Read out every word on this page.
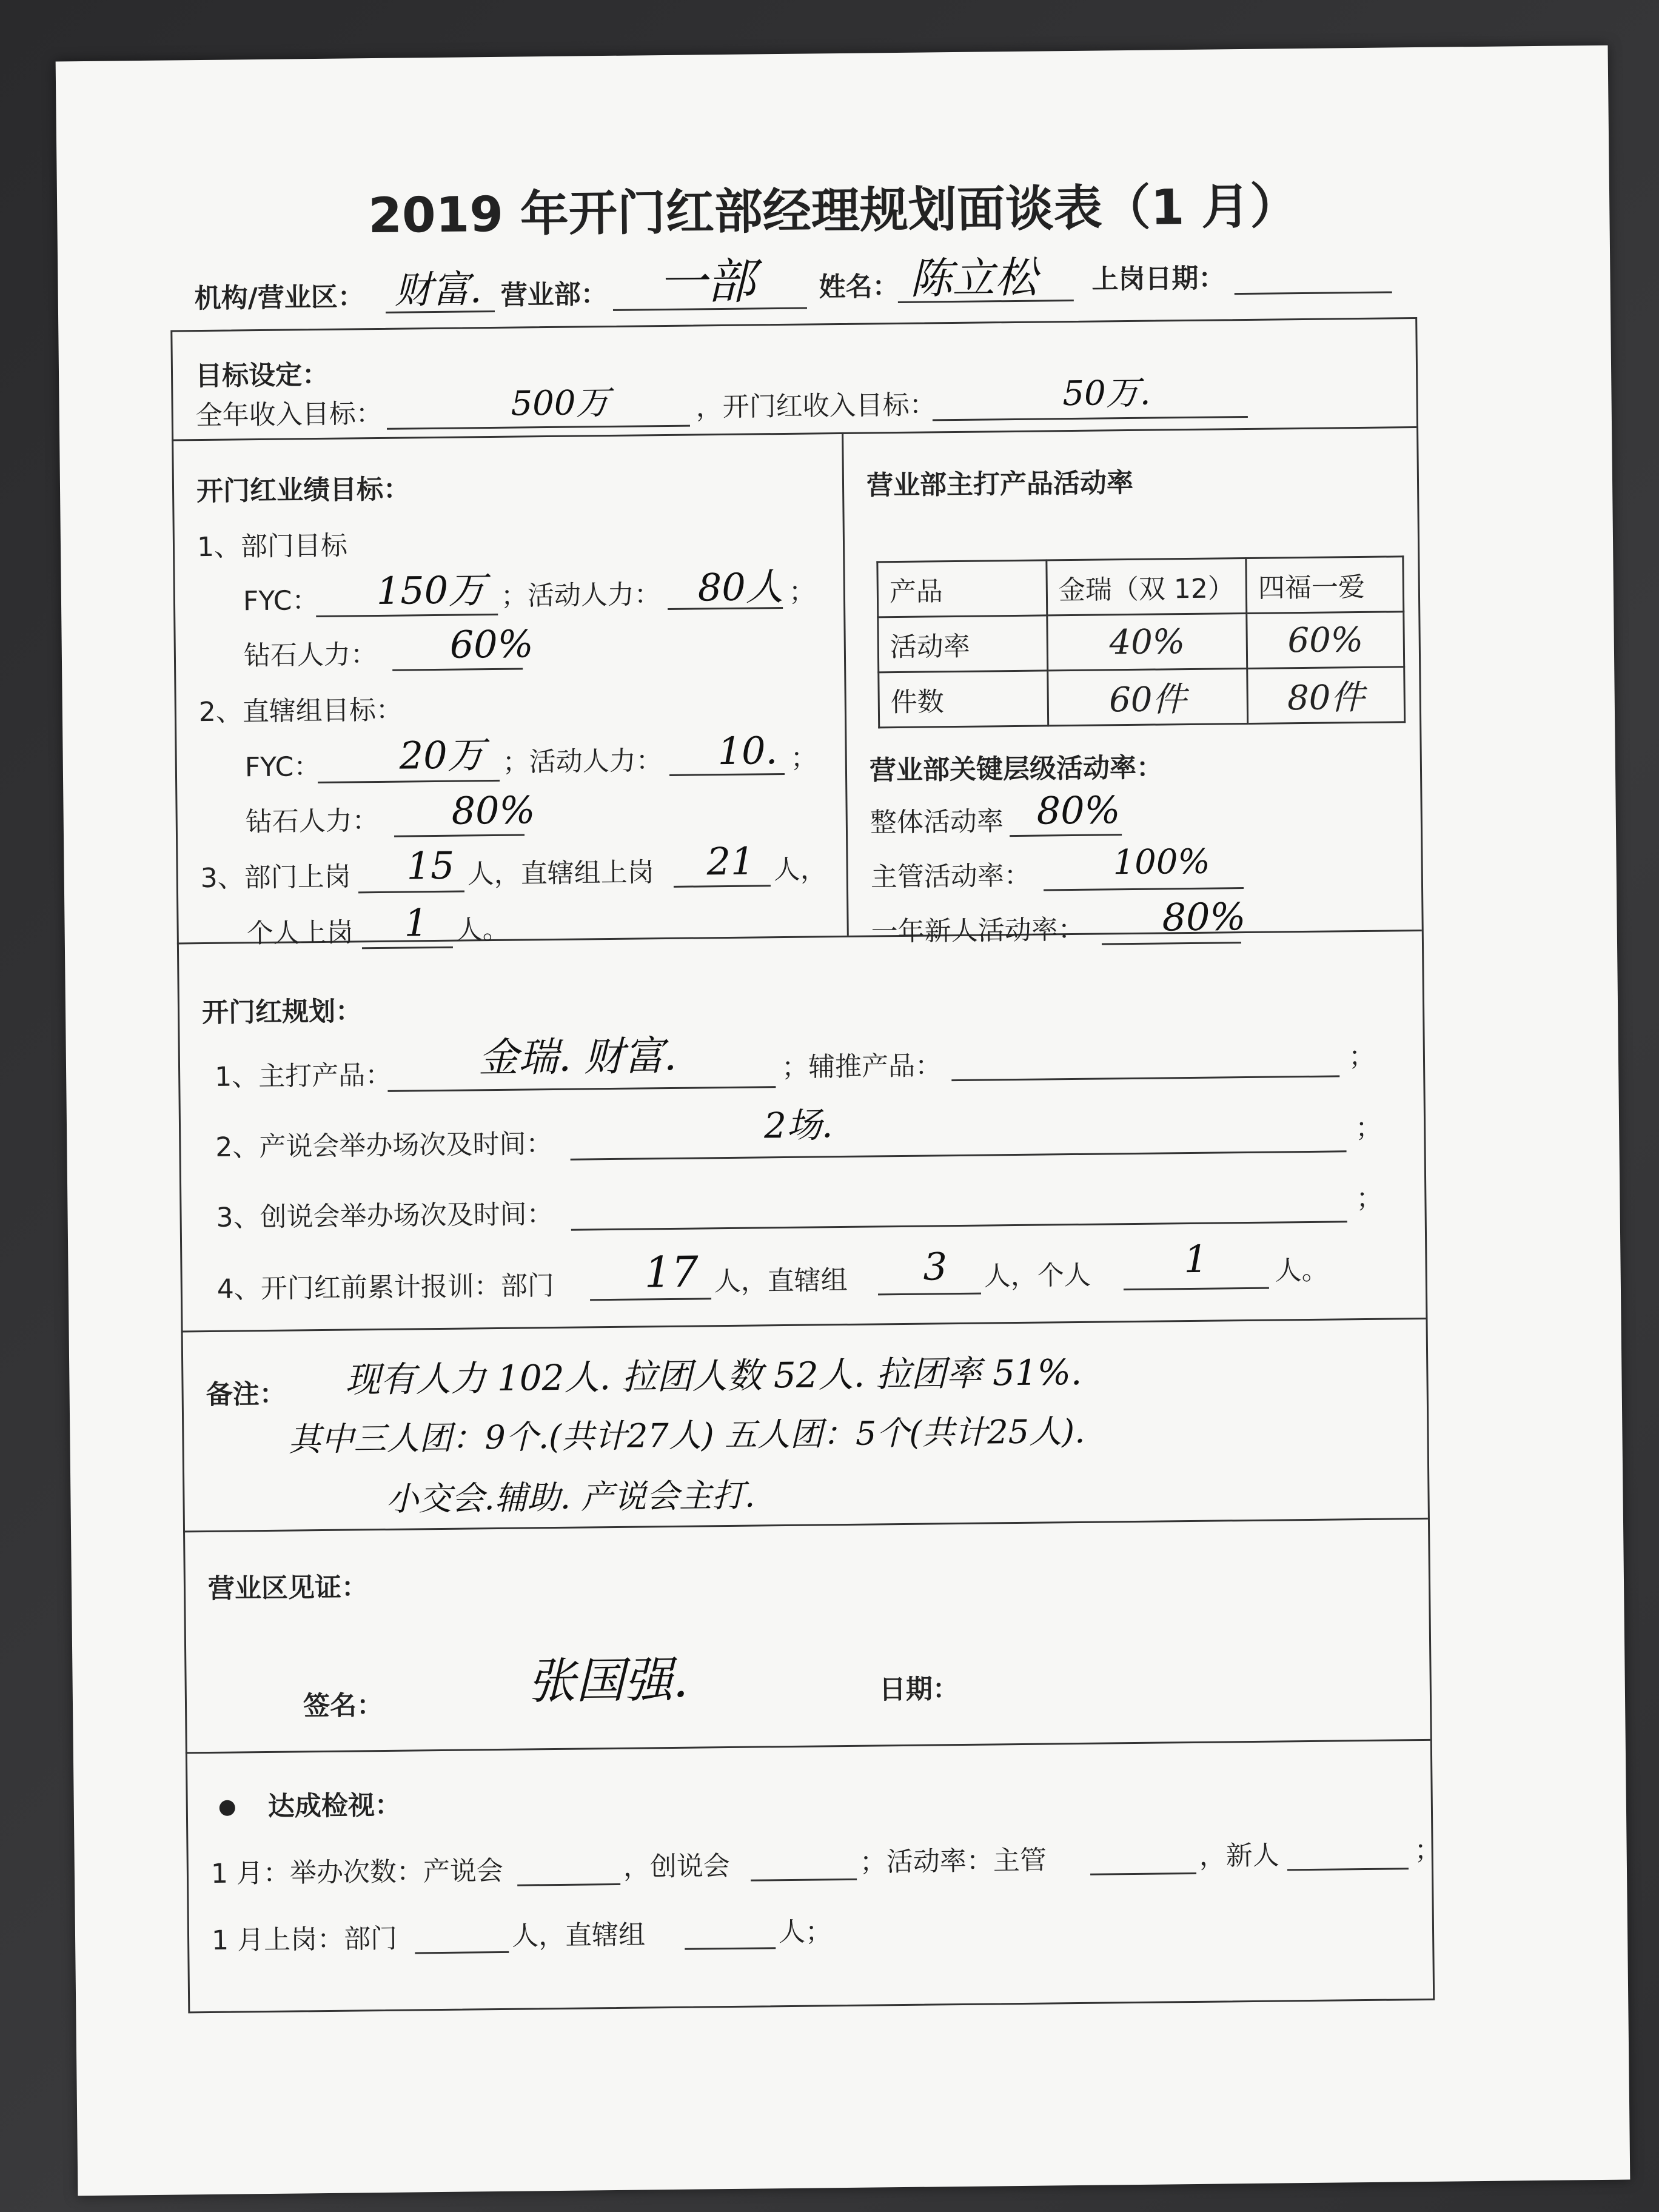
2019 年开门红部经理规划面谈表（1 月）
机构/营业区： 财富. 营业部： 一部 姓名： 陈立松 上岗日期：
目标设定：
全年收入目标：	500万	，开门红收入目标：	50万.
开门红业绩目标：
1、部门目标
FYC： 150万 ；活动人力： 80人 ；
钻石人力： 60%
2、直辖组目标：
FYC： 20万 ；活动人力： 10. ；
钻石人力： 80%
3、部门上岗 15 人，直辖组上岗 21 人，
个人上岗 1 人。
营业部主打产品活动率
产品	金瑞（双 12）	四福一爱
活动率	40%	60%
件数	60件	80件
营业部关键层级活动率：
整体活动率 80%
主管活动率： 100%
一年新人活动率： 80%
开门红规划：
1、主打产品： 金瑞. 财富.	；辅推产品：	；
2、产说会举办场次及时间：	2场.	；
3、创说会举办场次及时间：
；
4、开门红前累计报训：部门 17 人，直辖组 3 人，个人 1	人。
备注： 现有人力 102人. 拉团人数 52人. 拉团率 51%.
其中三人团：9个.(共计27人) 五人团：5个(共计25人).
小交会.辅助. 产说会主打.
营业区见证：
签名：	张国强.	日期：
达成检视：
1 月：举办次数：产说会	，创说会	；活动率：主管	，新人	；
1 月上岗：部门	人，直辖组	人；
